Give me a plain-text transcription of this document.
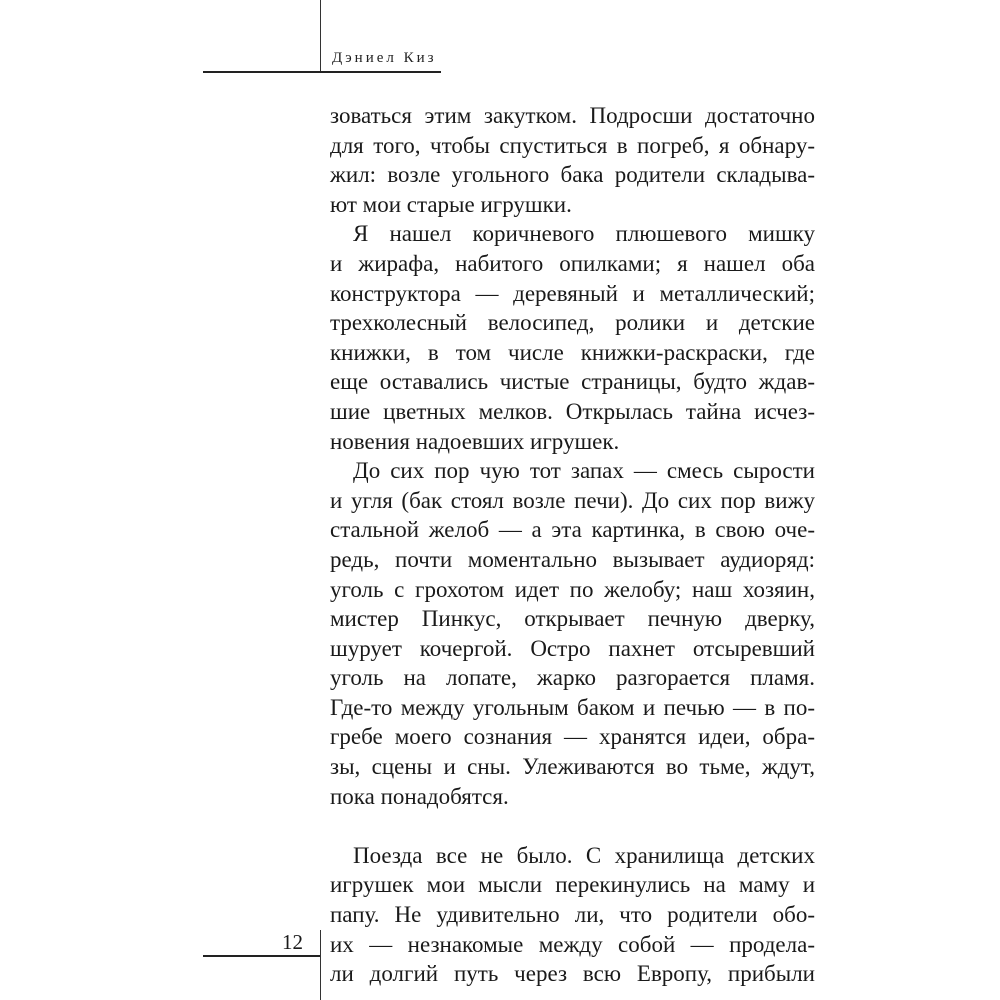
Дэниел Киз
зоваться этим закутком. Подросши достаточно
для того, чтобы спуститься в погреб, я обнару-
жил: возле угольного бака родители складыва-
ют мои старые игрушки.
Я нашел коричневого плюшевого мишку
и жирафа, набитого опилками; я нашел оба
конструктора — деревяный и металлический;
трехколесный велосипед, ролики и детские
книжки, в том числе книжки-раскраски, где
еще оставались чистые страницы, будто ждав-
шие цветных мелков. Открылась тайна исчез-
новения надоевших игрушек.
До сих пор чую тот запах — смесь сырости
и угля (бак стоял возле печи). До сих пор вижу
стальной желоб — а эта картинка, в свою оче-
редь, почти моментально вызывает аудиоряд:
уголь с грохотом идет по желобу; наш хозяин,
мистер Пинкус, открывает печную дверку,
шурует кочергой. Остро пахнет отсыревший
уголь на лопате, жарко разгорается пламя.
Где-то между угольным баком и печью — в по-
гребе моего сознания — хранятся идеи, обра-
зы, сцены и сны. Улеживаются во тьме, ждут,
пока понадобятся.
Поезда все не было. С хранилища детских
игрушек мои мысли перекинулись на маму и
папу. Не удивительно ли, что родители обо-
их — незнакомые между собой — продела-
ли долгий путь через всю Европу, прибыли
12
